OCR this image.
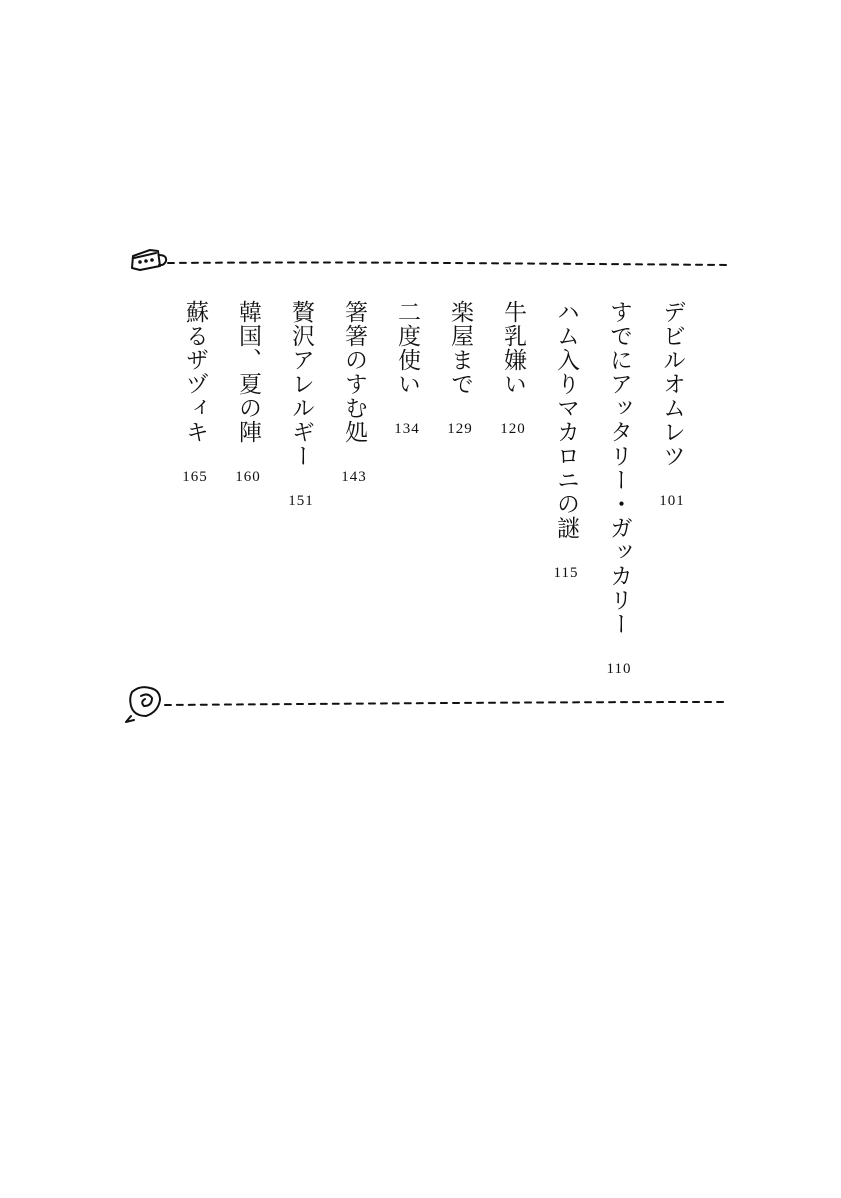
デビルオムレツ101
すでにアッタリー・ガッカリー110
ハム入りマカロニの謎115
牛乳嫌い120
楽屋まで129
二度使い134
箸箸のすむ処143
贅沢アレルギー151
韓国、夏の陣160
蘇るザヅィキ165
